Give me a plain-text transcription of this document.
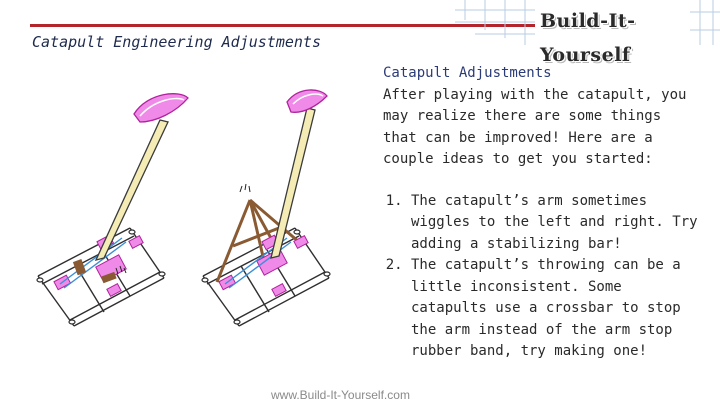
Build-It-Yourself
Catapult Engineering Adjustments
Catapult Adjustments
After playing with the catapult, you may realize there are some things that can be improved! Here are a couple ideas to get you started:
1. The catapult’s arm sometimes wiggles to the left and right. Try adding a stabilizing bar!
2. The catapult’s throwing can be a little inconsistent. Some catapults use a crossbar to stop the arm instead of the arm stop rubber band, try making one!
www.Build-It-Yourself.com
